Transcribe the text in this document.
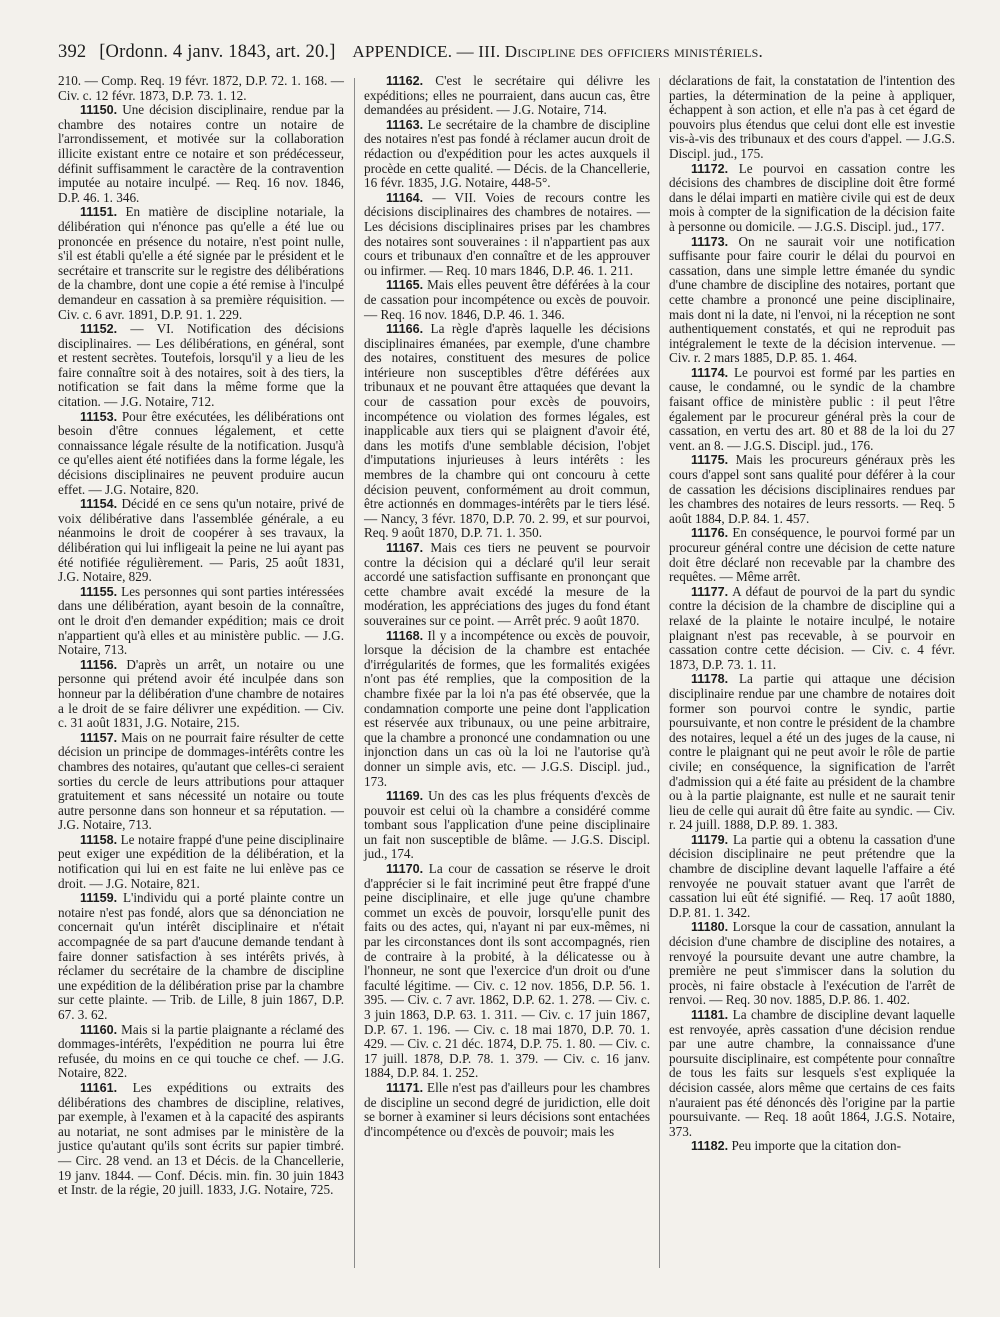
392 [Ordonn. 4 janv. 1843, art. 20.] APPENDICE. — III. Discipline des officiers ministériels.

210. — Comp. Req. 19 févr. 1872, D.P. 72. 1. 168. — Civ. c. 12 févr. 1873, D.P. 73. 1. 12.

11150. Une décision disciplinaire, rendue par la chambre des notaires contre un notaire de l'arrondissement, et motivée sur la collaboration illicite existant entre ce notaire et son prédécesseur, définit suffisamment le caractère de la contravention imputée au notaire inculpé. — Req. 16 nov. 1846, D.P. 46. 1. 346.

11151. En matière de discipline notariale, la délibération qui n'énonce pas qu'elle a été lue ou prononcée en présence du notaire, n'est point nulle, s'il est établi qu'elle a été signée par le président et le secrétaire et transcrite sur le registre des délibérations de la chambre, dont une copie a été remise à l'inculpé demandeur en cassation à sa première réquisition. — Civ. c. 6 avr. 1891, D.P. 91. 1. 229.

11152. — VI. Notification des décisions disciplinaires. — Les délibérations, en général, sont et restent secrètes. Toutefois, lorsqu'il y a lieu de les faire connaître soit à des notaires, soit à des tiers, la notification se fait dans la même forme que la citation. — J.G. Notaire, 712.

11153. Pour être exécutées, les délibérations ont besoin d'être connues légalement, et cette connaissance légale résulte de la notification. Jusqu'à ce qu'elles aient été notifiées dans la forme légale, les décisions disciplinaires ne peuvent produire aucun effet. — J.G. Notaire, 820.

11154. Décidé en ce sens qu'un notaire, privé de voix délibérative dans l'assemblée générale, a eu néanmoins le droit de coopérer à ses travaux, la délibération qui lui infligeait la peine ne lui ayant pas été notifiée régulièrement. — Paris, 25 août 1831, J.G. Notaire, 829.

11155. Les personnes qui sont parties intéressées dans une délibération, ayant besoin de la connaître, ont le droit d'en demander expédition; mais ce droit n'appartient qu'à elles et au ministère public. — J.G. Notaire, 713.

11156. D'après un arrêt, un notaire ou une personne qui prétend avoir été inculpée dans son honneur par la délibération d'une chambre de notaires a le droit de se faire délivrer une expédition. — Civ. c. 31 août 1831, J.G. Notaire, 215.

11157. Mais on ne pourrait faire résulter de cette décision un principe de dommages-intérêts contre les chambres des notaires, qu'autant que celles-ci seraient sorties du cercle de leurs attributions pour attaquer gratuitement et sans nécessité un notaire ou toute autre personne dans son honneur et sa réputation. — J.G. Notaire, 713.

11158. Le notaire frappé d'une peine disciplinaire peut exiger une expédition de la délibération, et la notification qui lui en est faite ne lui enlève pas ce droit. — J.G. Notaire, 821.

11159. L'individu qui a porté plainte contre un notaire n'est pas fondé, alors que sa dénonciation ne concernait qu'un intérêt disciplinaire et n'était accompagnée de sa part d'aucune demande tendant à faire donner satisfaction à ses intérêts privés, à réclamer du secrétaire de la chambre de discipline une expédition de la délibération prise par la chambre sur cette plainte. — Trib. de Lille, 8 juin 1867, D.P. 67. 3. 62.

11160. Mais si la partie plaignante a réclamé des dommages-intérêts, l'expédition ne pourra lui être refusée, du moins en ce qui touche ce chef. — J.G. Notaire, 822.

11161. Les expéditions ou extraits des délibérations des chambres de discipline, relatives, par exemple, à l'examen et à la capacité des aspirants au notariat, ne sont admises par le ministère de la justice qu'autant qu'ils sont écrits sur papier timbré. — Circ. 28 vend. an 13 et Décis. de la Chancellerie, 19 janv. 1844. — Conf. Décis. min. fin. 30 juin 1843 et Instr. de la régie, 20 juill. 1833, J.G. Notaire, 725.

11162. C'est le secrétaire qui délivre les expéditions; elles ne pourraient, dans aucun cas, être demandées au président. — J.G. Notaire, 714.

11163. Le secrétaire de la chambre de discipline des notaires n'est pas fondé à réclamer aucun droit de rédaction ou d'expédition pour les actes auxquels il procède en cette qualité. — Décis. de la Chancellerie, 16 févr. 1835, J.G. Notaire, 448-5°.

11164. — VII. Voies de recours contre les décisions disciplinaires des chambres de notaires. — Les décisions disciplinaires prises par les chambres des notaires sont souveraines : il n'appartient pas aux cours et tribunaux d'en connaître et de les approuver ou infirmer. — Req. 10 mars 1846, D.P. 46. 1. 211.

11165. Mais elles peuvent être déférées à la cour de cassation pour incompétence ou excès de pouvoir. — Req. 16 nov. 1846, D.P. 46. 1. 346.

11166. La règle d'après laquelle les décisions disciplinaires émanées, par exemple, d'une chambre des notaires, constituent des mesures de police intérieure non susceptibles d'être déférées aux tribunaux et ne pouvant être attaquées que devant la cour de cassation pour excès de pouvoirs, incompétence ou violation des formes légales, est inapplicable aux tiers qui se plaignent d'avoir été, dans les motifs d'une semblable décision, l'objet d'imputations injurieuses à leurs intérêts : les membres de la chambre qui ont concouru à cette décision peuvent, conformément au droit commun, être actionnés en dommages-intérêts par le tiers lésé. — Nancy, 3 févr. 1870, D.P. 70. 2. 99, et sur pourvoi, Req. 9 août 1870, D.P. 71. 1. 350.

11167. Mais ces tiers ne peuvent se pourvoir contre la décision qui a déclaré qu'il leur serait accordé une satisfaction suffisante en prononçant que cette chambre avait excédé la mesure de la modération, les appréciations des juges du fond étant souveraines sur ce point. — Arrêt préc. 9 août 1870.

11168. Il y a incompétence ou excès de pouvoir, lorsque la décision de la chambre est entachée d'irrégularités de formes, que les formalités exigées n'ont pas été remplies, que la composition de la chambre fixée par la loi n'a pas été observée, que la condamnation comporte une peine dont l'application est réservée aux tribunaux, ou une peine arbitraire, que la chambre a prononcé une condamnation ou une injonction dans un cas où la loi ne l'autorise qu'à donner un simple avis, etc. — J.G.S. Discipl. jud., 173.

11169. Un des cas les plus fréquents d'excès de pouvoir est celui où la chambre a considéré comme tombant sous l'application d'une peine disciplinaire un fait non susceptible de blâme. — J.G.S. Discipl. jud., 174.

11170. La cour de cassation se réserve le droit d'apprécier si le fait incriminé peut être frappé d'une peine disciplinaire, et elle juge qu'une chambre commet un excès de pouvoir, lorsqu'elle punit des faits ou des actes, qui, n'ayant ni par eux-mêmes, ni par les circonstances dont ils sont accompagnés, rien de contraire à la probité, à la délicatesse ou à l'honneur, ne sont que l'exercice d'un droit ou d'une faculté légitime. — Civ. c. 12 nov. 1856, D.P. 56. 1. 395. — Civ. c. 7 avr. 1862, D.P. 62. 1. 278. — Civ. c. 3 juin 1863, D.P. 63. 1. 311. — Civ. c. 17 juin 1867, D.P. 67. 1. 196. — Civ. c. 18 mai 1870, D.P. 70. 1. 429. — Civ. c. 21 déc. 1874, D.P. 75. 1. 80. — Civ. c. 17 juill. 1878, D.P. 78. 1. 379. — Civ. c. 16 janv. 1884, D.P. 84. 1. 252.

11171. Elle n'est pas d'ailleurs pour les chambres de discipline un second degré de juridiction, elle doit se borner à examiner si leurs décisions sont entachées d'incompétence ou d'excès de pouvoir; mais les

déclarations de fait, la constatation de l'intention des parties, la détermination de la peine à appliquer, échappent à son action, et elle n'a pas à cet égard de pouvoirs plus étendus que celui dont elle est investie vis-à-vis des tribunaux et des cours d'appel. — J.G.S. Discipl. jud., 175.

11172. Le pourvoi en cassation contre les décisions des chambres de discipline doit être formé dans le délai imparti en matière civile qui est de deux mois à compter de la signification de la décision faite à personne ou domicile. — J.G.S. Discipl. jud., 177.

11173. On ne saurait voir une notification suffisante pour faire courir le délai du pourvoi en cassation, dans une simple lettre émanée du syndic d'une chambre de discipline des notaires, portant que cette chambre a prononcé une peine disciplinaire, mais dont ni la date, ni l'envoi, ni la réception ne sont authentiquement constatés, et qui ne reproduit pas intégralement le texte de la décision intervenue. — Civ. r. 2 mars 1885, D.P. 85. 1. 464.

11174. Le pourvoi est formé par les parties en cause, le condamné, ou le syndic de la chambre faisant office de ministère public : il peut l'être également par le procureur général près la cour de cassation, en vertu des art. 80 et 88 de la loi du 27 vent. an 8. — J.G.S. Discipl. jud., 176.

11175. Mais les procureurs généraux près les cours d'appel sont sans qualité pour déférer à la cour de cassation les décisions disciplinaires rendues par les chambres des notaires de leurs ressorts. — Req. 5 août 1884, D.P. 84. 1. 457.

11176. En conséquence, le pourvoi formé par un procureur général contre une décision de cette nature doit être déclaré non recevable par la chambre des requêtes. — Même arrêt.

11177. A défaut de pourvoi de la part du syndic contre la décision de la chambre de discipline qui a relaxé de la plainte le notaire inculpé, le notaire plaignant n'est pas recevable, à se pourvoir en cassation contre cette décision. — Civ. c. 4 févr. 1873, D.P. 73. 1. 11.

11178. La partie qui attaque une décision disciplinaire rendue par une chambre de notaires doit former son pourvoi contre le syndic, partie poursuivante, et non contre le président de la chambre des notaires, lequel a été un des juges de la cause, ni contre le plaignant qui ne peut avoir le rôle de partie civile; en conséquence, la signification de l'arrêt d'admission qui a été faite au président de la chambre ou à la partie plaignante, est nulle et ne saurait tenir lieu de celle qui aurait dû être faite au syndic. — Civ. r. 24 juill. 1888, D.P. 89. 1. 383.

11179. La partie qui a obtenu la cassation d'une décision disciplinaire ne peut prétendre que la chambre de discipline devant laquelle l'affaire a été renvoyée ne pouvait statuer avant que l'arrêt de cassation lui eût été signifié. — Req. 17 août 1880, D.P. 81. 1. 342.

11180. Lorsque la cour de cassation, annulant la décision d'une chambre de discipline des notaires, a renvoyé la poursuite devant une autre chambre, la première ne peut s'immiscer dans la solution du procès, ni faire obstacle à l'exécution de l'arrêt de renvoi. — Req. 30 nov. 1885, D.P. 86. 1. 402.

11181. La chambre de discipline devant laquelle est renvoyée, après cassation d'une décision rendue par une autre chambre, la connaissance d'une poursuite disciplinaire, est compétente pour connaître de tous les faits sur lesquels s'est expliquée la décision cassée, alors même que certains de ces faits n'auraient pas été dénoncés dès l'origine par la partie poursuivante. — Req. 18 août 1864, J.G.S. Notaire, 373.

11182. Peu importe que la citation don-
